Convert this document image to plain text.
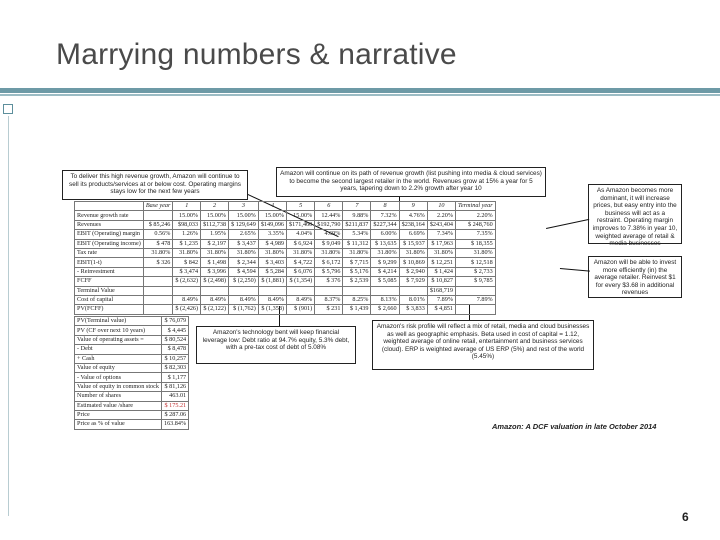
Marrying numbers & narrative
To deliver this high revenue growth, Amazon will continue to sell its products/services at or below cost. Operating margins stays low for the next few years
Amazon will continue on its path of revenue growth (list pushing into media & cloud services) to become the second largest retailer in the world. Revenues grow at 15% a year for 5 years, tapering down to 2.2% growth after year 10	As Amazon becomes more dominant, it will increase prices, but easy entry into the business will act as a restraint. Operating margin improves to 7.38% in year 10, weighted average of retail & media businesses
Amazon will be able to invest more efficiently (in) the average retailer. Reinvest $1 for every $3.68 in additional revenues
Amazon's technology bent will keep financial leverage low: Debt ratio at 94.7% equity, 5.3% debt, with a pre-tax cost of debt of 5.08%
Amazon's risk profile will reflect a mix of retail, media and cloud businesses as well as geographic emphasis. Beta used in cost of capital = 1.12, weighted average of online retail, entertainment and business services (cloud). ERP is weighted average of US ERP (5%) and rest of the world (5.45%)
	Base year	1	2	3	4	5	6	7	8	9	10	Terminal year
Revenue growth rate		15.00%	15.00%	15.00%	15.00%	15.00%	12.44%	9.88%	7.32%	4.76%	2.20%	2.20%
Revenues	$ 85,246	$98,033	$112,738	$ 129,649	$149,096	$171,460	$192,790	$211,837	$227,344	$238,164	$243,404	$ 248,760
EBIT (Operating) margin	0.56%	1.26%	1.95%	2.65%	3.35%	4.04%	4.69%	5.34%	6.00%	6.69%	7.34%	7.35%
EBIT (Operating income)	$ 478	$ 1,235	$ 2,197	$ 3,437	$ 4,989	$ 6,924	$ 9,049	$ 11,312	$ 13,635	$ 15,937	$ 17,963	$ 18,355
Tax rate	31.80%	31.80%	31.80%	31.80%	31.80%	31.80%	31.80%	31.80%	31.80%	31.80%	31.80%	31.80%
EBIT(1-t)	$ 326	$ 842	$ 1,498	$ 2,344	$ 3,403	$ 4,722	$ 6,172	$ 7,715	$ 9,299	$ 10,869	$ 12,251	$ 12,518
- Reinvestment		$ 3,474	$ 3,996	$ 4,594	$ 5,284	$ 6,076	$ 5,796	$ 5,176	$ 4,214	$ 2,940	$ 1,424	$ 2,733
FCFF		$ (2,632)	$ (2,498)	$ (2,250)	$ (1,881)	$ (1,354)	$ 376	$ 2,539	$ 5,085	$ 7,929	$ 10,827	$ 9,785
Terminal Value											$168,719	
Cost of capital		8.49%	8.49%	8.49%	8.49%	8.49%	8.37%	8.25%	8.13%	8.01%	7.89%	7.89%
PV(FCFF)		$ (2,426)	$ (2,122)	$ (1,762)	$ (1,358)	$ (901)	$ 231	$ 1,439	$ 2,660	$ 3,833	$ 4,851	
PV(Terminal value)	$ 76,079
PV (CF over next 10 years)	$ 4,445
Value of operating assets =	$ 80,524
- Debt	$ 8,478
+ Cash	$ 10,257
Value of equity	$ 82,303
- Value of options	$ 1,177
Value of equity in common stock	$ 81,126
Number of shares	463.01
Estimated value /share	$ 175.21
Price	$ 287.06
Price as % of value	163.84%	Amazon: A DCF valuation in late October 2014
6
